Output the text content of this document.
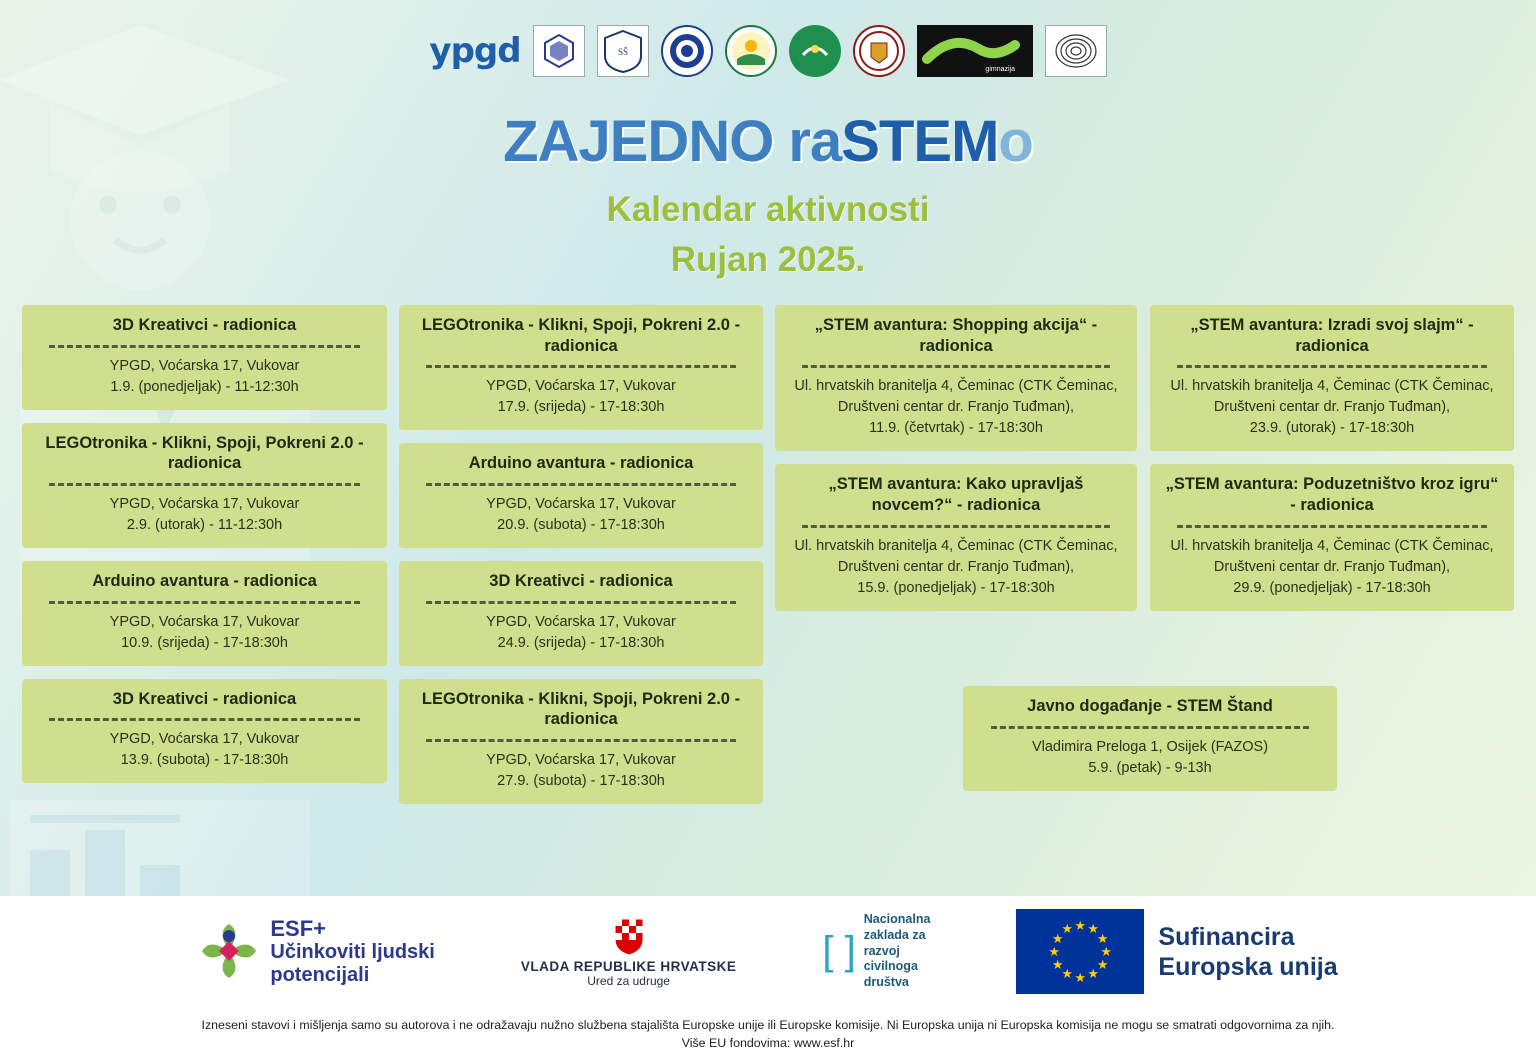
ypgd	SŠ
gimnazija
ZAJEDNO raSTEMo
Kalendar aktivnosti
Rujan 2025.
3D Kreativci - radionica

YPGD, Voćarska 17, Vukovar
1.9. (ponedjeljak) - 11-12:30h

LEGOtronika - Klikni, Spoji, Pokreni 2.0 - radionica

YPGD, Voćarska 17, Vukovar
2.9. (utorak) - 11-12:30h

Arduino avantura - radionica

YPGD, Voćarska 17, Vukovar
10.9. (srijeda) - 17-18:30h

3D Kreativci - radionica

YPGD, Voćarska 17, Vukovar
13.9. (subota) - 17-18:30h

LEGOtronika - Klikni, Spoji, Pokreni 2.0 - radionica

YPGD, Voćarska 17, Vukovar
17.9. (srijeda) - 17-18:30h

Arduino avantura - radionica

YPGD, Voćarska 17, Vukovar
20.9. (subota) - 17-18:30h

3D Kreativci - radionica

YPGD, Voćarska 17, Vukovar
24.9. (srijeda) - 17-18:30h

LEGOtronika - Klikni, Spoji, Pokreni 2.0 - radionica

YPGD, Voćarska 17, Vukovar
27.9. (subota) - 17-18:30h

„STEM avantura: Shopping akcija“ - radionica

Ul. hrvatskih branitelja 4, Čeminac (CTK Čeminac,
Društveni centar dr. Franjo Tuđman),
11.9. (četvrtak) - 17-18:30h

„STEM avantura: Kako upravljaš novcem?“ - radionica

Ul. hrvatskih branitelja 4, Čeminac (CTK Čeminac,
Društveni centar dr. Franjo Tuđman),
15.9. (ponedjeljak) - 17-18:30h

„STEM avantura: Izradi svoj slajm“ - radionica

Ul. hrvatskih branitelja 4, Čeminac (CTK Čeminac,
Društveni centar dr. Franjo Tuđman),
23.9. (utorak) - 17-18:30h

„STEM avantura: Poduzetništvo kroz igru“ - radionica

Ul. hrvatskih branitelja 4, Čeminac (CTK Čeminac,
Društveni centar dr. Franjo Tuđman),
29.9. (ponedjeljak) - 17-18:30h

Javno događanje - STEM Štand

Vladimira Preloga 1, Osijek (FAZOS)
5.9. (petak) - 9-13h

ESF+
Učinkoviti ljudski
potencijali	VLADA REPUBLIKE HRVATSKE
Ured za udruge
[ ]
Nacionalna
zaklada za
razvoj
civilnoga
društva
★ ★
★
★
★
★
★
★
★
★
★
★	Sufinancira
Europska unija
Izneseni stavovi i mišljenja samo su autorova i ne odražavaju nužno službena stajališta Europske unije ili Europske komisije. Ni Europska unija ni Europska komisija ne mogu se smatrati odgovornima za njih.
Više EU fondovima: www.esf.hr
